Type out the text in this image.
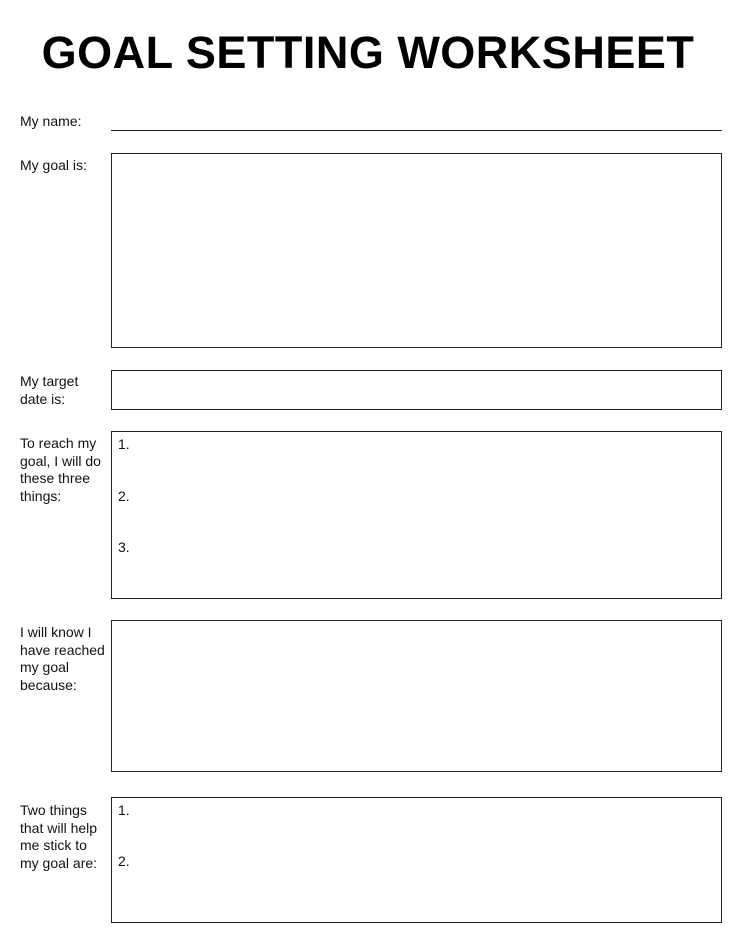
GOAL SETTING WORKSHEET
My name:
My goal is:
My target
date is:
To reach my
goal, I will do
these three
things:
1.
2.
3.
I will know I
have reached
my goal
because:
Two things
that will help
me stick to
my goal are:
1.
2.
